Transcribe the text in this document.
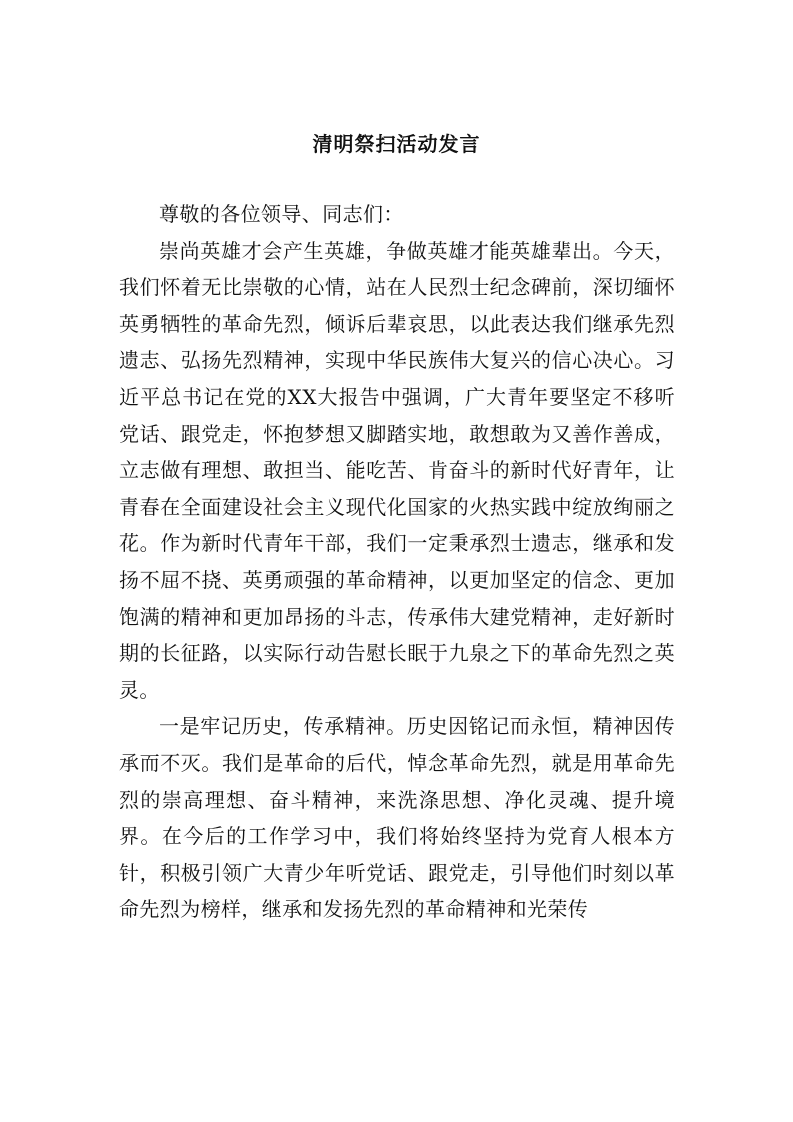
清明祭扫活动发言

尊敬的各位领导、同志们：

崇尚英雄才会产生英雄，争做英雄才能英雄辈出。今天，我们怀着无比崇敬的心情，站在人民烈士纪念碑前，深切缅怀英勇牺牲的革命先烈，倾诉后辈哀思，以此表达我们继承先烈遗志、弘扬先烈精神，实现中华民族伟大复兴的信心决心。习近平总书记在党的XX大报告中强调，广大青年要坚定不移听党话、跟党走，怀抱梦想又脚踏实地，敢想敢为又善作善成，立志做有理想、敢担当、能吃苦、肯奋斗的新时代好青年，让青春在全面建设社会主义现代化国家的火热实践中绽放绚丽之花。作为新时代青年干部，我们一定秉承烈士遗志，继承和发扬不屈不挠、英勇顽强的革命精神，以更加坚定的信念、更加饱满的精神和更加昂扬的斗志，传承伟大建党精神，走好新时期的长征路，以实际行动告慰长眠于九泉之下的革命先烈之英灵。

一是牢记历史，传承精神。历史因铭记而永恒，精神因传承而不灭。我们是革命的后代，悼念革命先烈，就是用革命先烈的崇高理想、奋斗精神，来洗涤思想、净化灵魂、提升境界。在今后的工作学习中，我们将始终坚持为党育人根本方针，积极引领广大青少年听党话、跟党走，引导他们时刻以革命先烈为榜样，继承和发扬先烈的革命精神和光荣传
